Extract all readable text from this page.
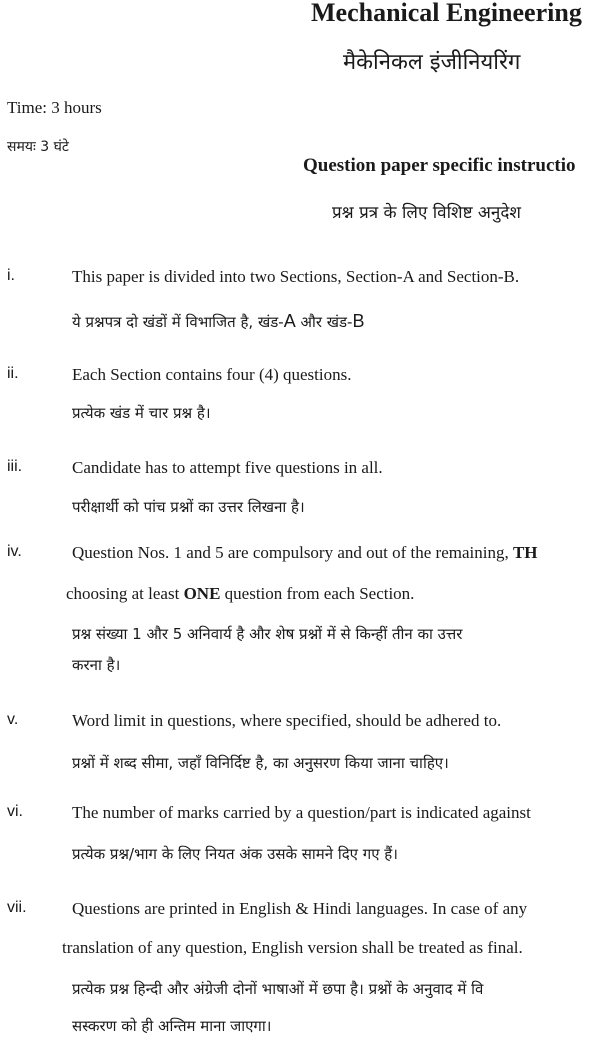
Mechanical Engineering
मैकेनिकल इंजीनियरिंग
Time: 3 hours
समयः 3 घंटे
Question paper specific instructio
प्रश्न प्रत्र के लिए विशिष्ट अनुदेश
i.	This paper is divided into two Sections, Section-A and Section-B.
ये प्रश्नपत्र दो खंडों में विभाजित है, खंड-A और खंड-B
ii.	Each Section contains four (4) questions.
प्रत्येक खंड में चार प्रश्न है।
iii.	Candidate has to attempt five questions in all.
परीक्षार्थी को पांच प्रश्नों का उत्तर लिखना है।
iv.	Question Nos. 1 and 5 are compulsory and out of the remaining, TH
choosing at least ONE question from each Section.
प्रश्न संख्या 1 और 5 अनिवार्य है और शेष प्रश्नों में से किन्हीं तीन का उत्तर
करना है।
v.	Word limit in questions, where specified, should be adhered to.
प्रश्नों में शब्द सीमा, जहाँ विनिर्दिष्ट है, का अनुसरण किया जाना चाहिए।
vi.	The number of marks carried by a question/part is indicated against
प्रत्येक प्रश्न/भाग के लिए नियत अंक उसके सामने दिए गए हैं।
vii.	Questions are printed in English & Hindi languages. In case of any
translation of any question, English version shall be treated as final.
प्रत्येक प्रश्न हिन्दी और अंग्रेजी दोनों भाषाओं में छपा है। प्रश्नों के अनुवाद में वि
सस्करण को ही अन्तिम माना जाएगा।
